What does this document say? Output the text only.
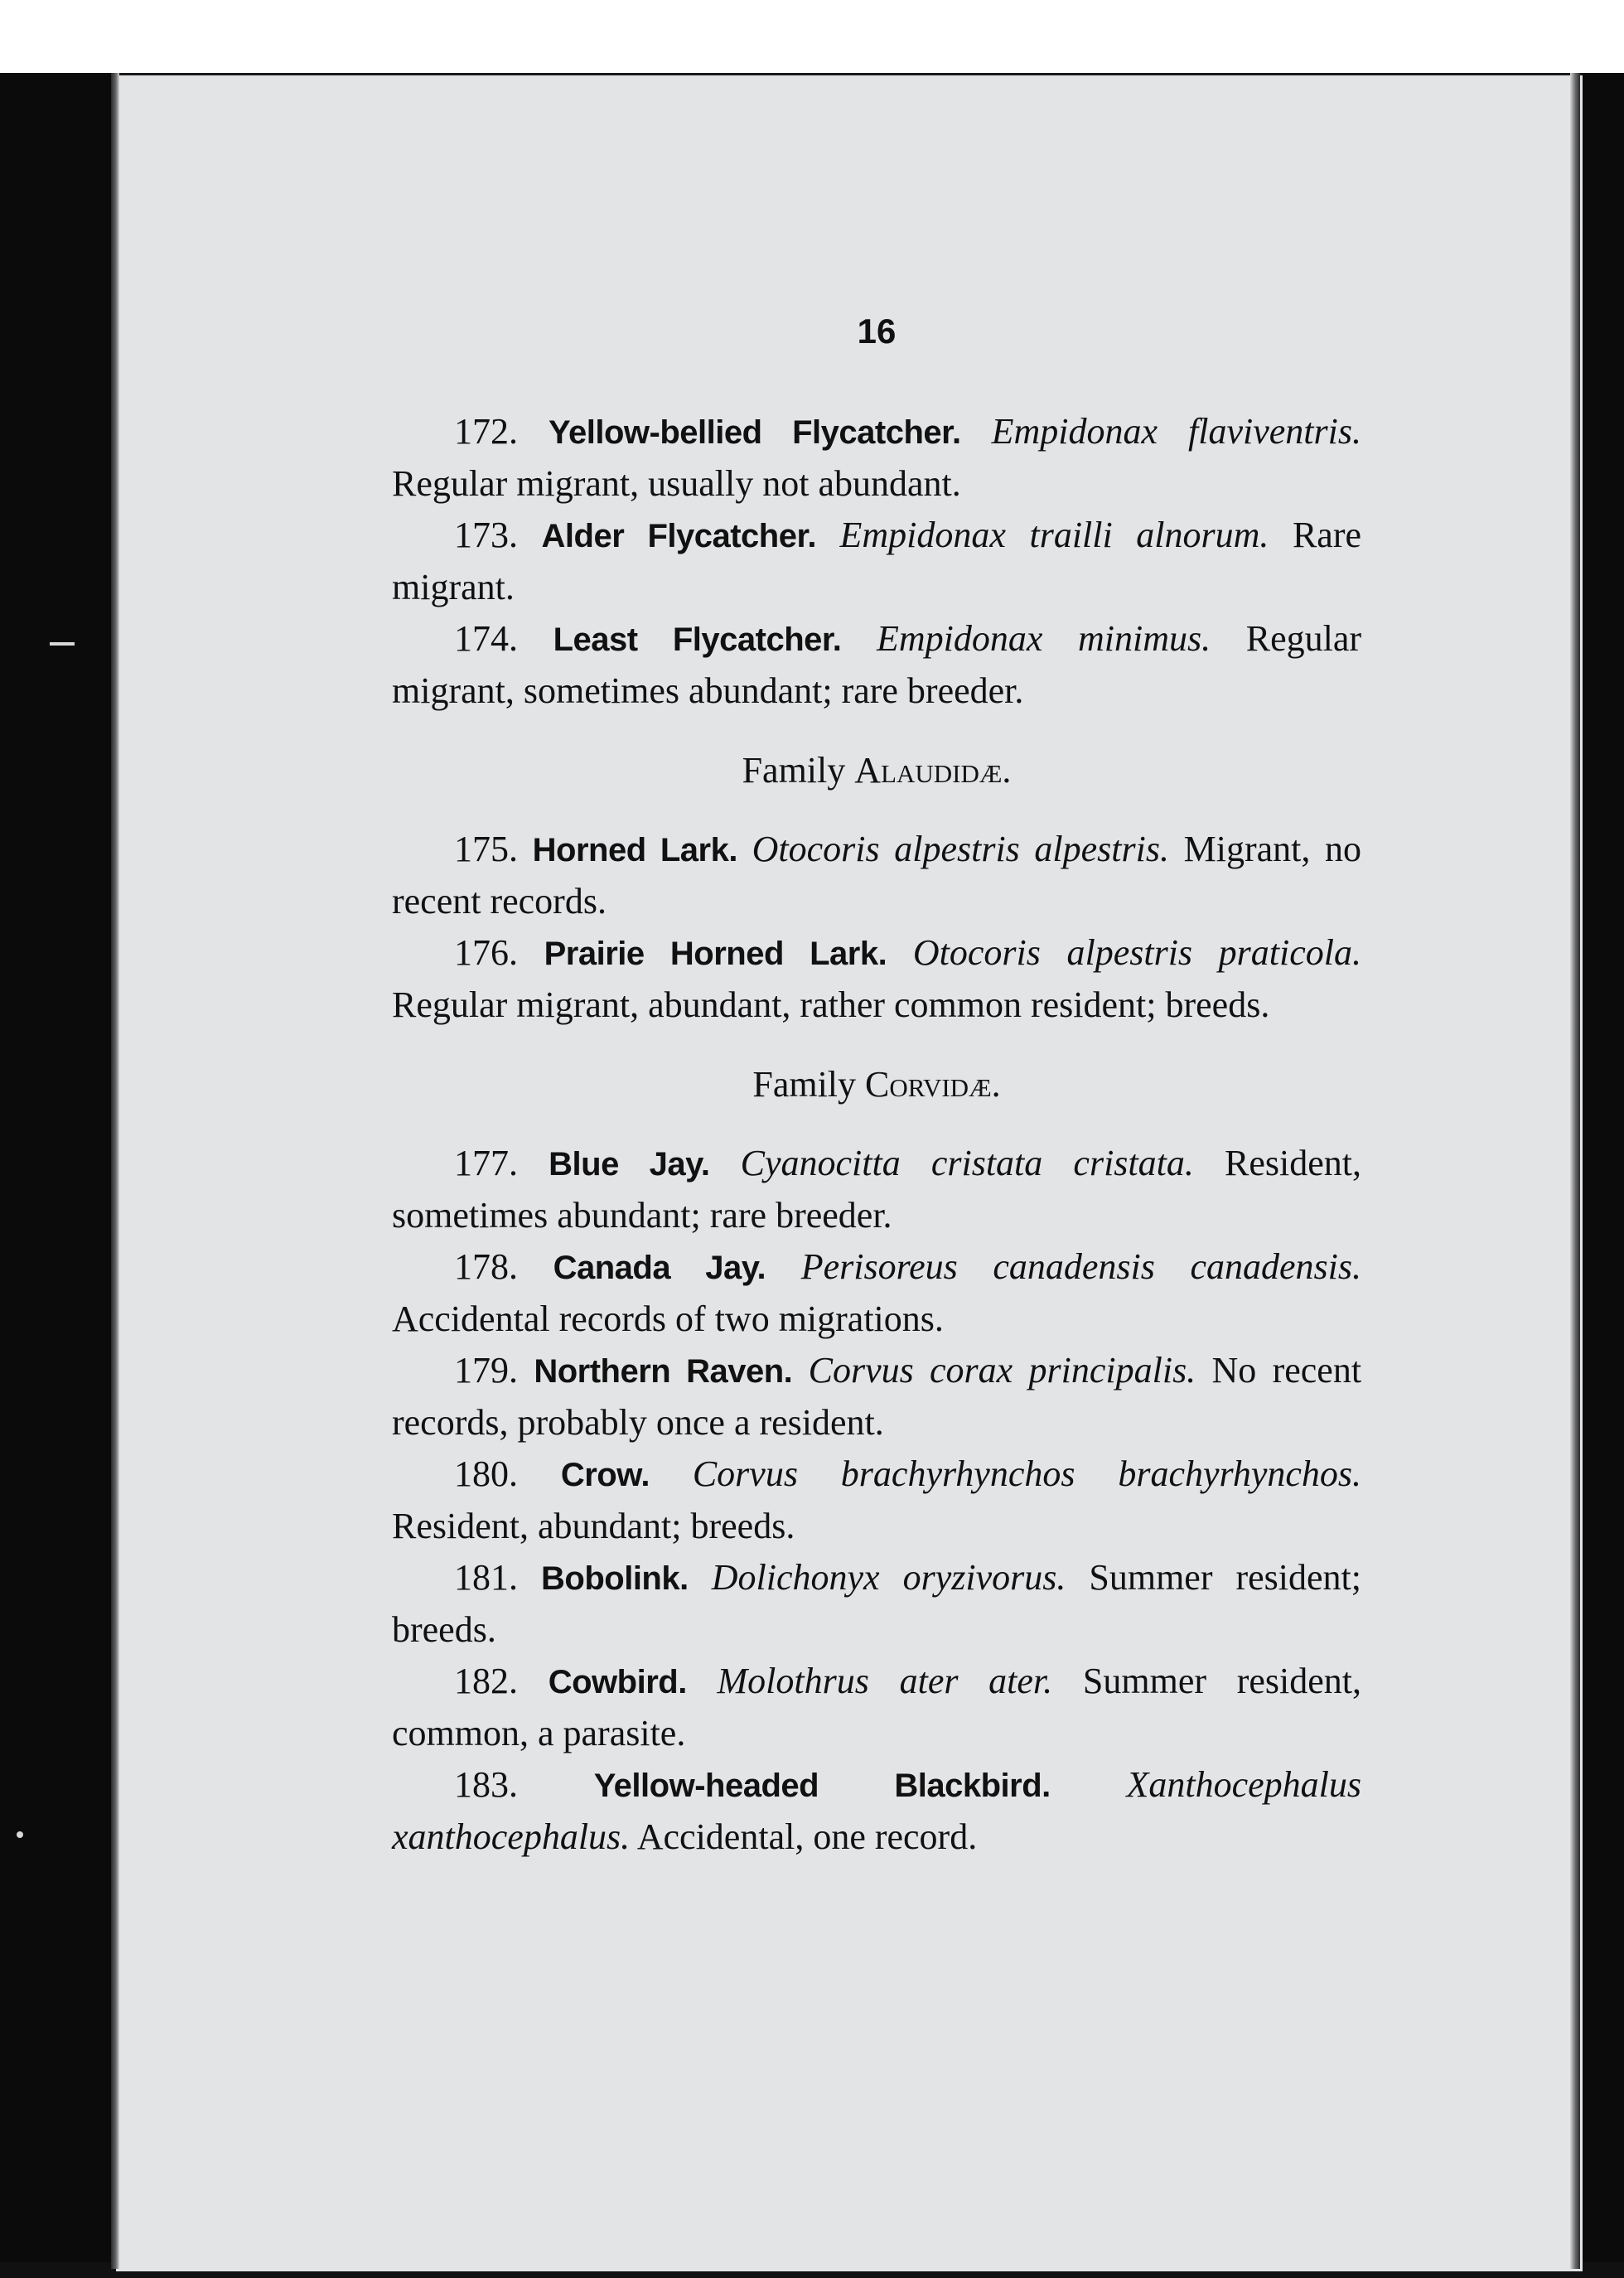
16

172. Yellow-bellied Flycatcher. Empidonax flaviventris. Regular migrant, usually not abundant.

173. Alder Flycatcher. Empidonax trailli alnorum. Rare migrant.

174. Least Flycatcher. Empidonax minimus. Regular migrant, sometimes abundant; rare breeder.

Family Alaudidæ.

175. Horned Lark. Otocoris alpestris alpestris. Migrant, no recent records.

176. Prairie Horned Lark. Otocoris alpestris praticola. Regular migrant, abundant, rather common resident; breeds.

Family Corvidæ.

177. Blue Jay. Cyanocitta cristata cristata. Resident, sometimes abundant; rare breeder.

178. Canada Jay. Perisoreus canadensis canadensis. Accidental records of two migrations.

179. Northern Raven. Corvus corax principalis. No recent records, probably once a resident.

180. Crow. Corvus brachyrhynchos brachyrhynchos. Resident, abundant; breeds.

181. Bobolink. Dolichonyx oryzivorus. Summer resident; breeds.

182. Cowbird. Molothrus ater ater. Summer resident, common, a parasite.

183. Yellow-headed Blackbird. Xanthocephalus xanthocephalus. Accidental, one record.
